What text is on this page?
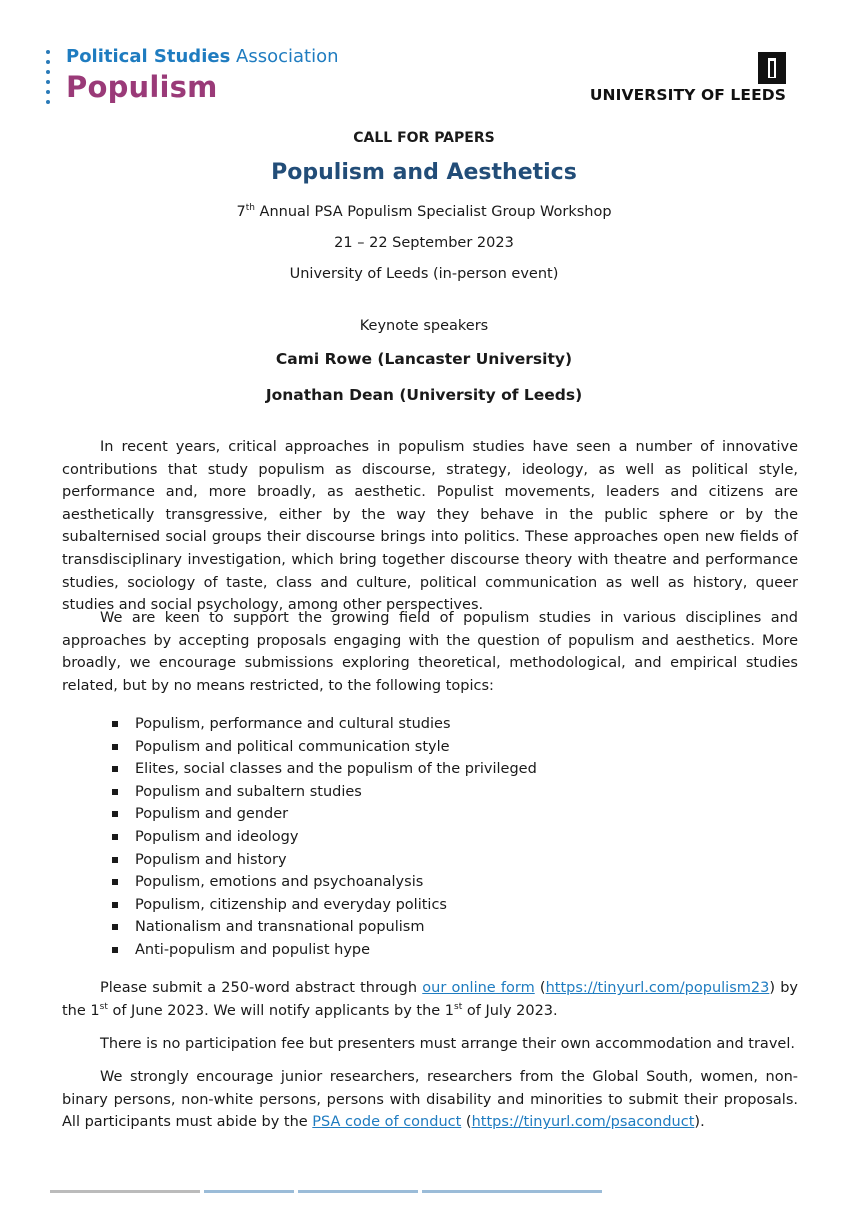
Political Studies Association
Populism	UNIVERSITY OF LEEDS
CALL FOR PAPERS
Populism and Aesthetics
7th Annual PSA Populism Specialist Group Workshop
21 – 22 September 2023
University of Leeds (in-person event)
Keynote speakers
Cami Rowe (Lancaster University)
Jonathan Dean (University of Leeds)

In recent years, critical approaches in populism studies have seen a number of innovative contributions that study populism as discourse, strategy, ideology, as well as political style, performance and, more broadly, as aesthetic. Populist movements, leaders and citizens are aesthetically transgressive, either by the way they behave in the public sphere or by the subalternised social groups their discourse brings into politics. These approaches open new fields of transdisciplinary investigation, which bring together discourse theory with theatre and performance studies, sociology of taste, class and culture, political communication as well as history, queer studies and social psychology, among other perspectives.

We are keen to support the growing field of populism studies in various disciplines and approaches by accepting proposals engaging with the question of populism and aesthetics. More broadly, we encourage submissions exploring theoretical, methodological, and empirical studies related, but by no means restricted, to the following topics:

Populism, performance and cultural studies
Populism and political communication style
Elites, social classes and the populism of the privileged
Populism and subaltern studies
Populism and gender
Populism and ideology
Populism and history
Populism, emotions and psychoanalysis
Populism, citizenship and everyday politics
Nationalism and transnational populism
Anti-populism and populist hype

Please submit a 250-word abstract through our online form (https://tinyurl.com/populism23) by the 1st of June 2023. We will notify applicants by the 1st of July 2023.

There is no participation fee but presenters must arrange their own accommodation and travel.

We strongly encourage junior researchers, researchers from the Global South, women, non-binary persons, non-white persons, persons with disability and minorities to submit their proposals. All participants must abide by the PSA code of conduct (https://tinyurl.com/psaconduct).
